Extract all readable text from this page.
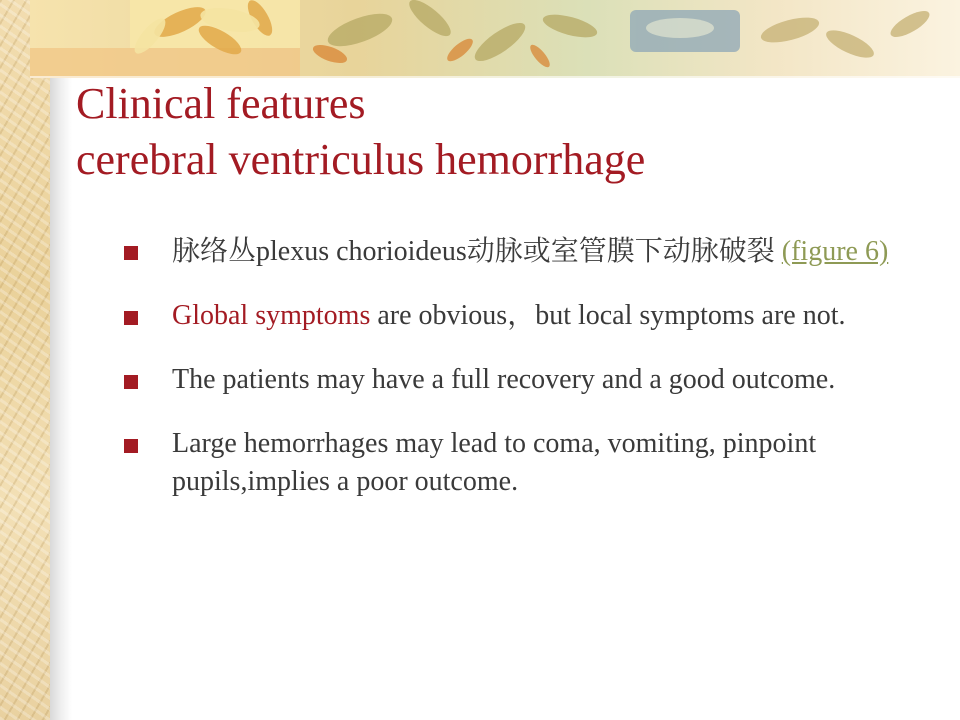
Clinical features
cerebral ventriculus hemorrhage
脉络丛plexus chorioideus动脉或室管膜下动脉破裂 (figure 6)
Global symptoms are obvious，but local symptoms are not.
The patients may have a full recovery and a good outcome.
Large hemorrhages may lead to coma, vomiting, pinpoint pupils,implies a poor outcome.
